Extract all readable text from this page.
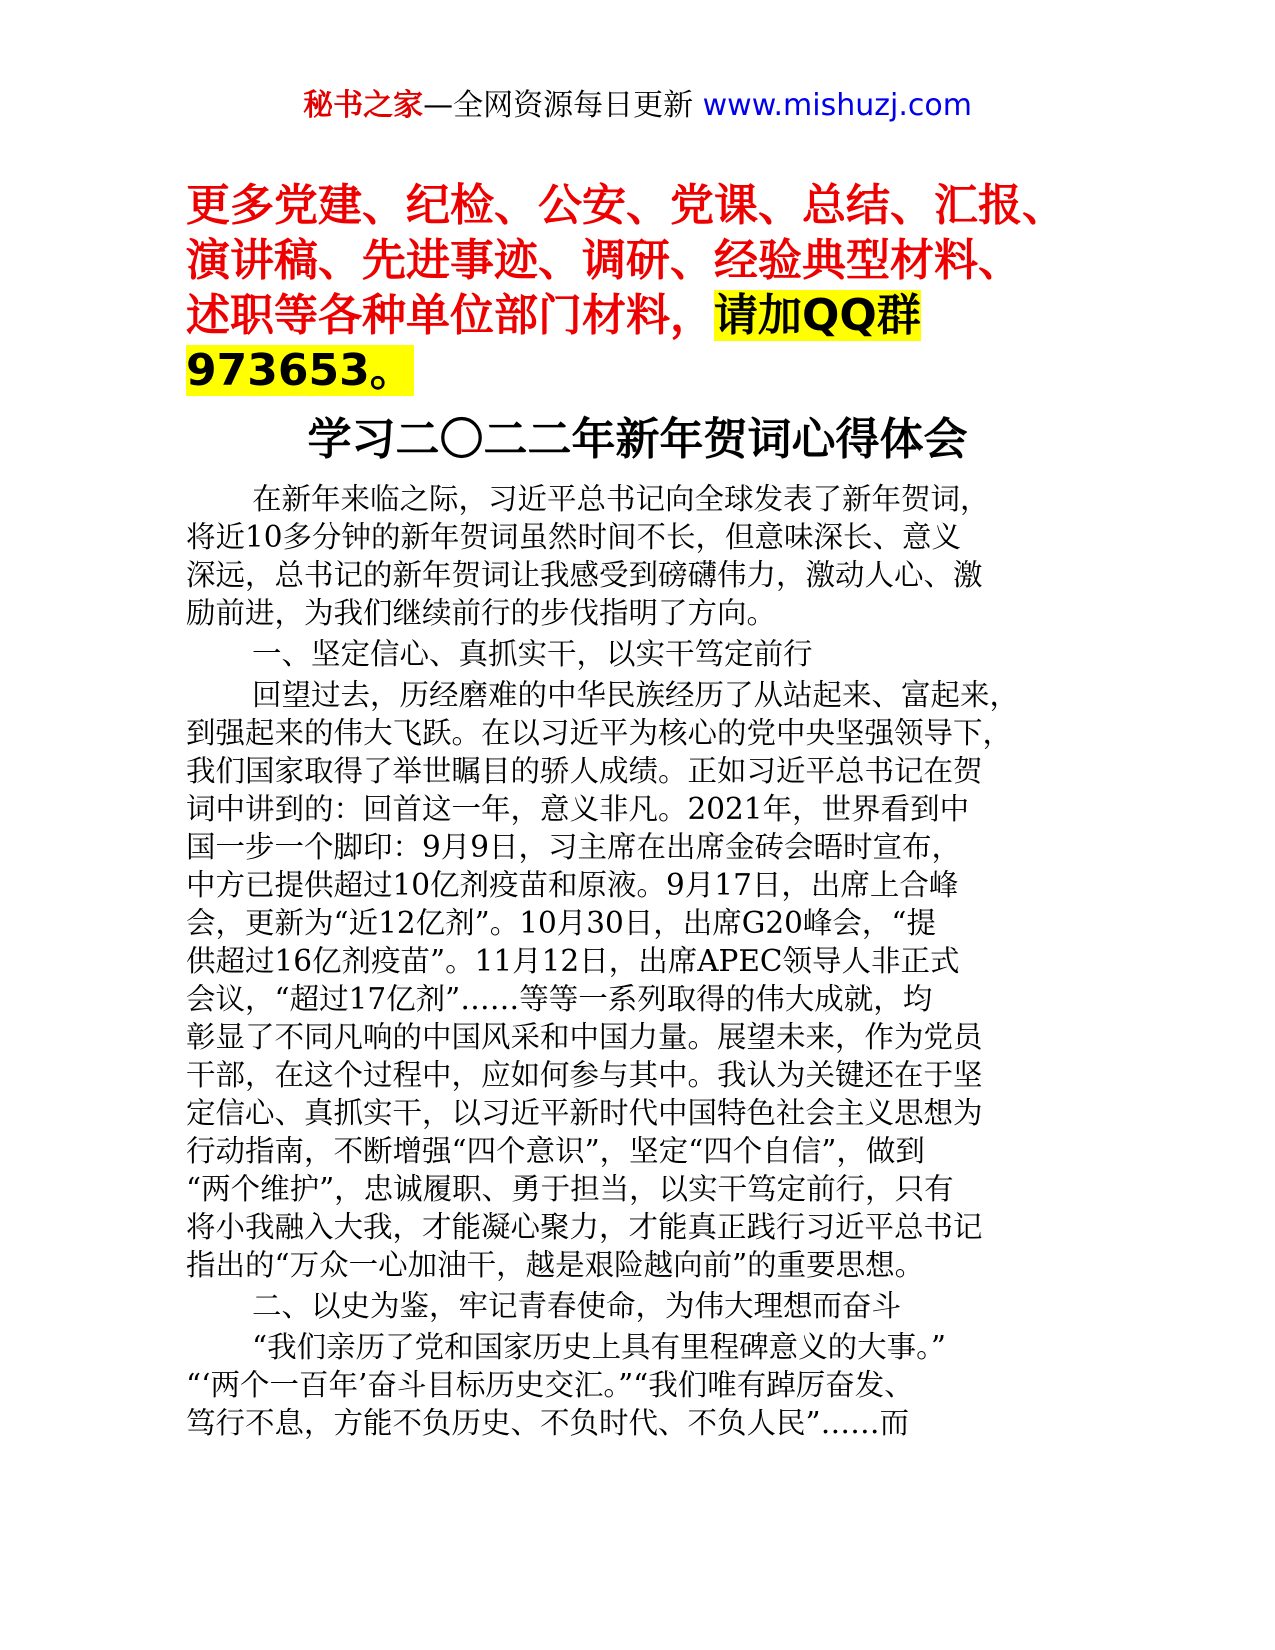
秘书之家—全网资源每日更新 www.mishuzj.com
更多党建、纪检、公安、党课、总结、汇报、
演讲稿、先进事迹、调研、经验典型材料、
述职等各种单位部门材料，请加QQ群
973653。
学习二〇二二年新年贺词心得体会

在新年来临之际，习近平总书记向全球发表了新年贺词，
将近10多分钟的新年贺词虽然时间不长，但意味深长、意义
深远，总书记的新年贺词让我感受到磅礴伟力，激动人心、激
励前进，为我们继续前行的步伐指明了方向。

一、坚定信心、真抓实干，以实干笃定前行

回望过去，历经磨难的中华民族经历了从站起来、富起来，
到强起来的伟大飞跃。在以习近平为核心的党中央坚强领导下，
我们国家取得了举世瞩目的骄人成绩。正如习近平总书记在贺
词中讲到的：回首这一年，意义非凡。2021年，世界看到中
国一步一个脚印：9月9日，习主席在出席金砖会晤时宣布，
中方已提供超过10亿剂疫苗和原液。9月17日，出席上合峰
会，更新为“近12亿剂”。10月30日，出席G20峰会，“提
供超过16亿剂疫苗”。11月12日，出席APEC领导人非正式
会议，“超过17亿剂”……等等一系列取得的伟大成就，均
彰显了不同凡响的中国风采和中国力量。展望未来，作为党员
干部，在这个过程中，应如何参与其中。我认为关键还在于坚
定信心、真抓实干，以习近平新时代中国特色社会主义思想为
行动指南，不断增强“四个意识”，坚定“四个自信”，做到
“两个维护”，忠诚履职、勇于担当，以实干笃定前行，只有
将小我融入大我，才能凝心聚力，才能真正践行习近平总书记
指出的“万众一心加油干，越是艰险越向前”的重要思想。

二、以史为鉴，牢记青春使命，为伟大理想而奋斗

“我们亲历了党和国家历史上具有里程碑意义的大事。”
“‘两个一百年’奋斗目标历史交汇。”“我们唯有踔厉奋发、
笃行不息，方能不负历史、不负时代、不负人民”……而
